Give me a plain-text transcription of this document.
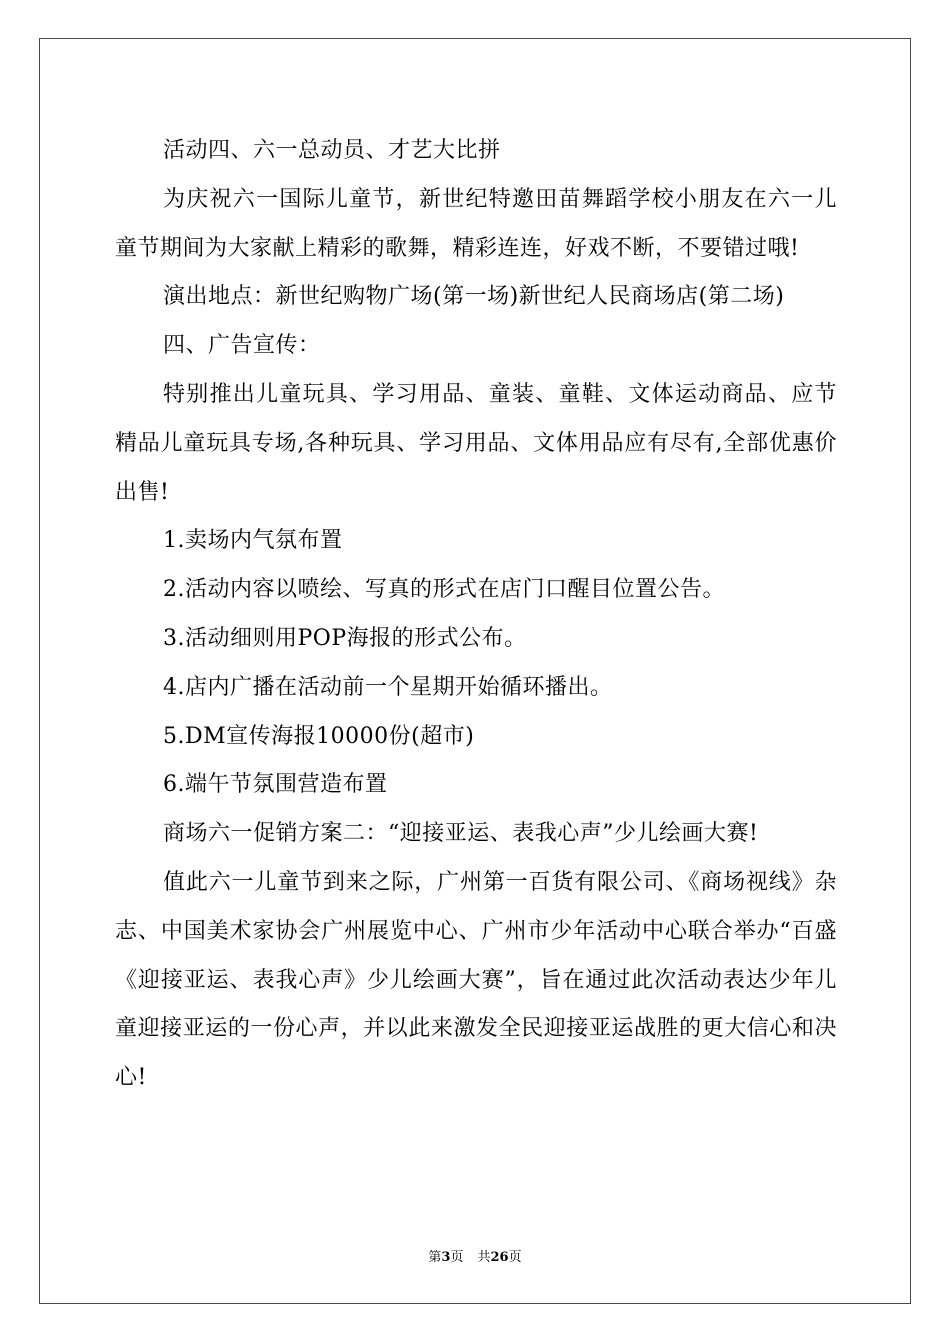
活动四、六一总动员、才艺大比拼

为庆祝六一国际儿童节，新世纪特邀田苗舞蹈学校小朋友在六一儿童节期间为大家献上精彩的歌舞，精彩连连，好戏不断，不要错过哦!

演出地点：新世纪购物广场(第一场)新世纪人民商场店(第二场)

四、广告宣传：

特别推出儿童玩具、学习用品、童装、童鞋、文体运动商品、应节精品儿童玩具专场,各种玩具、学习用品、文体用品应有尽有,全部优惠价出售!

1.卖场内气氛布置

2.活动内容以喷绘、写真的形式在店门口醒目位置公告。

3.活动细则用POP海报的形式公布。

4.店内广播在活动前一个星期开始循环播出。

5.DM宣传海报10000份(超市)

6.端午节氛围营造布置

商场六一促销方案二：“迎接亚运、表我心声”少儿绘画大赛!

值此六一儿童节到来之际，广州第一百货有限公司、《商场视线》杂志、中国美术家协会广州展览中心、广州市少年活动中心联合举办“百盛《迎接亚运、表我心声》少儿绘画大赛”，旨在通过此次活动表达少年儿童迎接亚运的一份心声，并以此来激发全民迎接亚运战胜的更大信心和决心!

第3页 共26页
